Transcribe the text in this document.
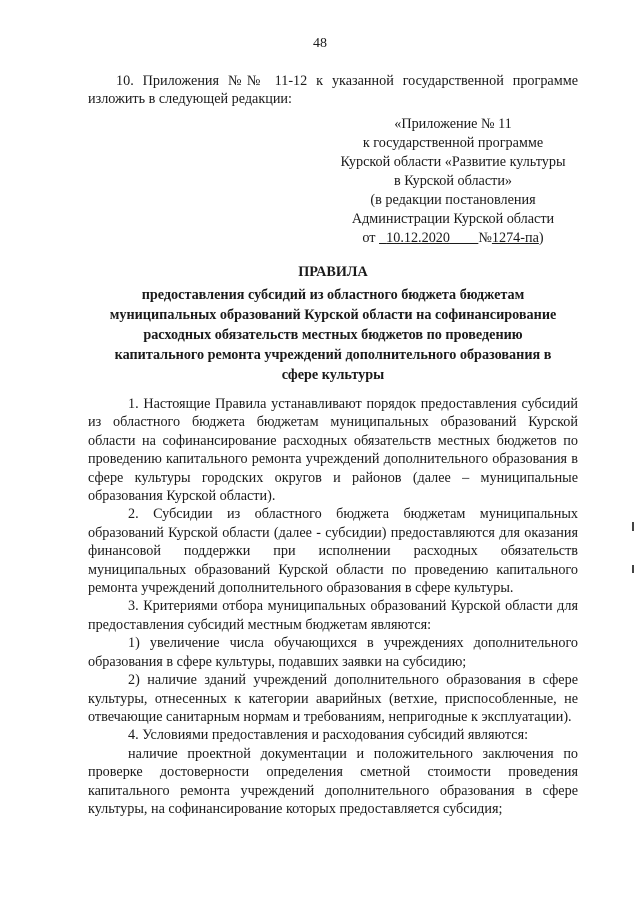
48
10. Приложения №№ 11-12 к указанной государственной программе изложить в следующей редакции:
«Приложение № 11
к государственной программе
Курской области «Развитие культуры
в Курской области»
(в редакции постановления
Администрации Курской области
от 10.12.2020 №1274-па)
ПРАВИЛА
предоставления субсидий из областного бюджета бюджетам
муниципальных образований Курской области на софинансирование
расходных обязательств местных бюджетов по проведению
капитального ремонта учреждений дополнительного образования в
сфере культуры

1. Настоящие Правила устанавливают порядок предоставления субсидий из областного бюджета бюджетам муниципальных образований Курской области на софинансирование расходных обязательств местных бюджетов по проведению капитального ремонта учреждений дополнительного образования в сфере культуры городских округов и районов (далее – муниципальные образования Курской области).

2. Субсидии из областного бюджета бюджетам муниципальных образований Курской области (далее - субсидии) предоставляются для оказания финансовой поддержки при исполнении расходных обязательств муниципальных образований Курской области по проведению капитального ремонта учреждений дополнительного образования в сфере культуры.

3. Критериями отбора муниципальных образований Курской области для предоставления субсидий местным бюджетам являются:

1) увеличение числа обучающихся в учреждениях дополнительного образования в сфере культуры, подавших заявки на субсидию;

2) наличие зданий учреждений дополнительного образования в сфере культуры, отнесенных к категории аварийных (ветхие, приспособленные, не отвечающие санитарным нормам и требованиям, непригодные к эксплуатации).

4. Условиями предоставления и расходования субсидий являются:

наличие проектной документации и положительного заключения по проверке достоверности определения сметной стоимости проведения капитального ремонта учреждений дополнительного образования в сфере культуры, на софинансирование которых предоставляется субсидия;
